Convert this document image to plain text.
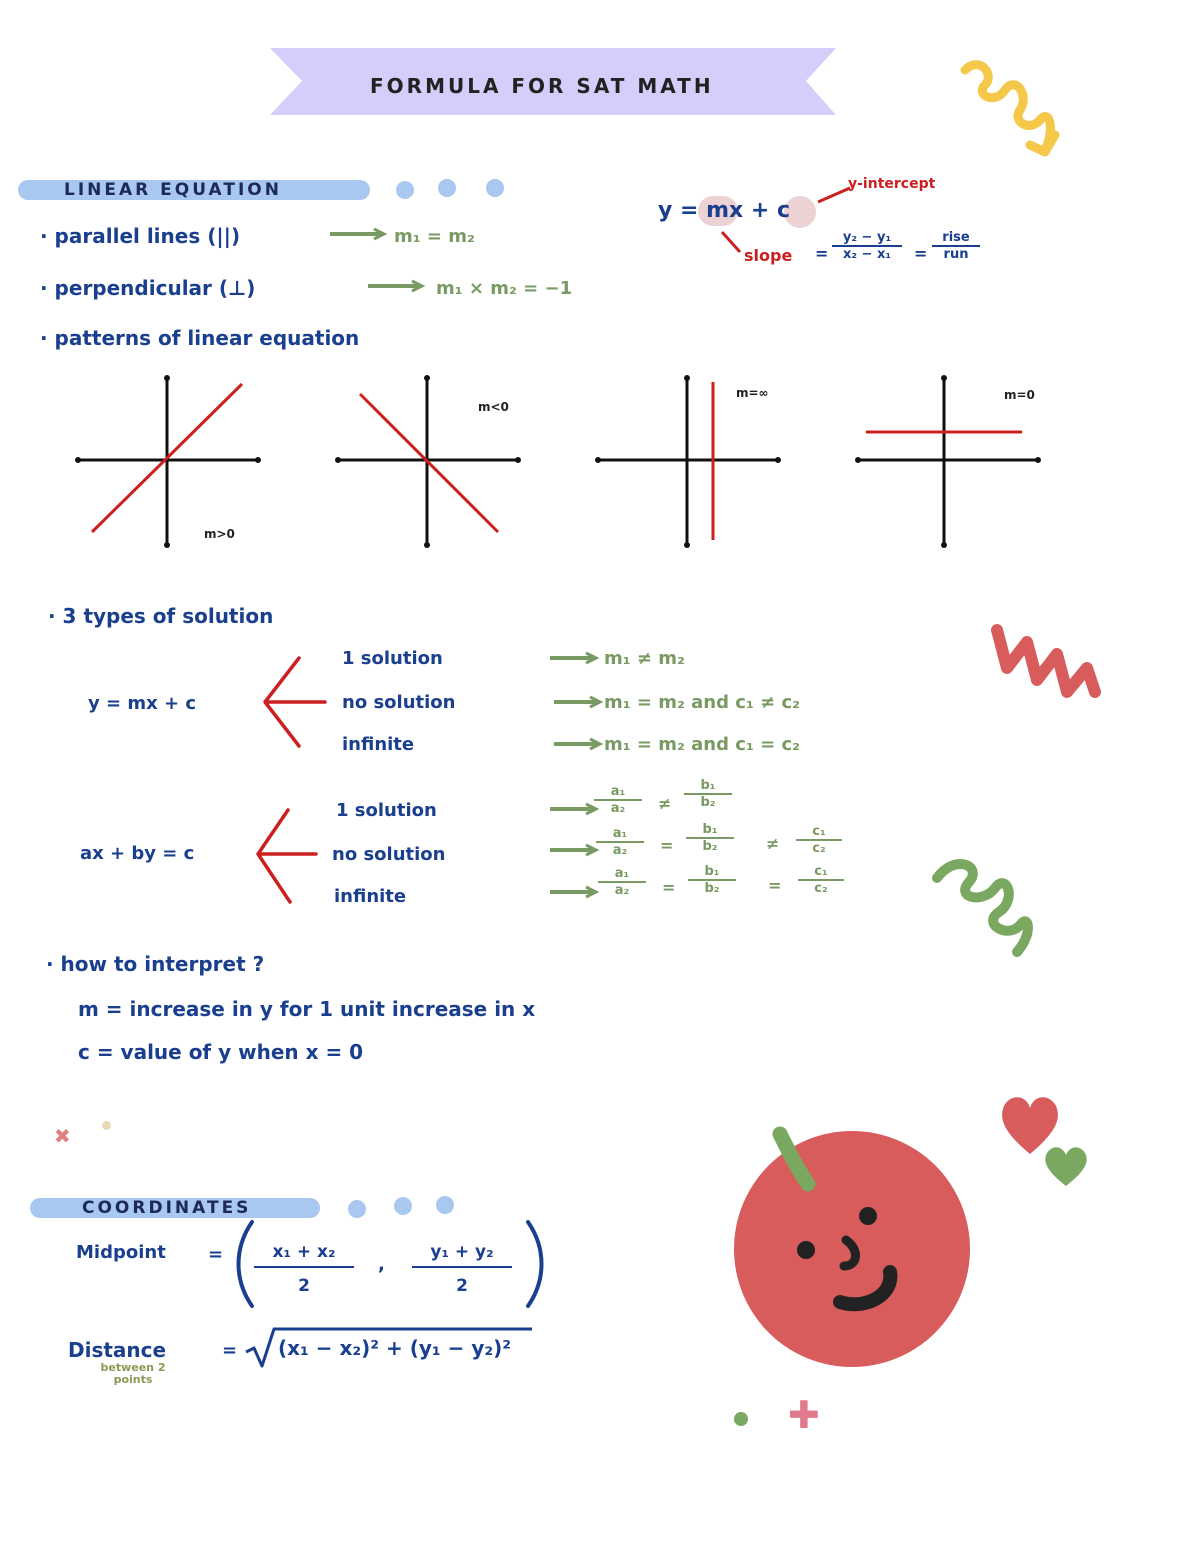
FORMULA FOR SAT MATH
LINEAR EQUATION
· parallel lines (||)	m₁ = m₂
· perpendicular (⊥)	m₁ × m₂ = −1
· patterns of linear equation
y = mx + c
y-intercept
slope = $\frac{\text{y₂ − y₁}}{\text{x₂ − x₁}}$ =
rise
run
m>0
m<0
m=∞	m=0
· 3 types of solution
y = mx + c
1 solution
no solution
infinite
m₁ ≠ m₂
m₁ = m₂ and c₁ ≠ c₂
m₁ = m₂ and c₁ = c₂
ax + by = c
1 solution
no solution
infinite
$\frac{\text{a₁}}{\text{a₂}} \ne \frac{\text{b₁}}{\text{b₂}}$
$\frac{\text{a₁}}{\text{a₂}} = \frac{\text{b₁}}{\text{b₂}} \ne \frac{\text{c₁}}{\text{c₂}}$
$\frac{\text{a₁}}{\text{a₂}} = \frac{\text{b₁}}{\text{b₂}} = \frac{\text{c₁}}{\text{c₂}}$
· how to interpret ?
m = increase in y for 1 unit increase in x
c = value of y when x = 0
✖
✚
COORDINATES
Midpoint = $\frac{\text{x₁ + x₂}}{2}$ , $\frac{\text{y₁ + y₂}}{2}$
Distance
between 2 points
= (x₁ − x₂)² + (y₁ − y₂)²
